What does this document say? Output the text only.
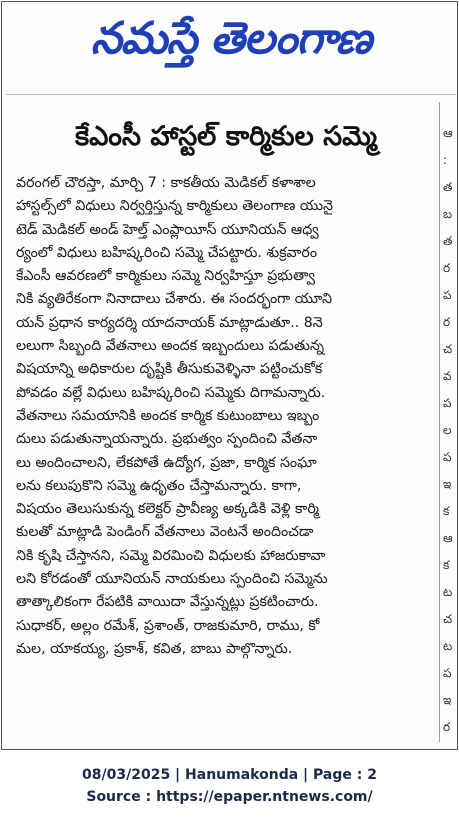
నమస్తే తెలంగాణ
కేఎంసీ హాస్టల్ కార్మికుల సమ్మె
వరంగల్ చౌరస్తా, మార్చి 7 : కాకతీయ మెడికల్ కళాశాల
హాస్టల్స్‌లో విధులు నిర్వర్తిస్తున్న కార్మికులు తెలంగాణ యునై
టెడ్ మెడికల్ అండ్ హెల్త్ ఎంప్లాయీస్ యూనియన్ ఆధ్వ
ర్యంలో విధులు బహిష్కరించి సమ్మె చేపట్టారు. శుక్రవారం
కేఎంసీ ఆవరణలో కార్మికులు సమ్మె నిర్వహిస్తూ ప్రభుత్వా
నికి వ్యతిరేకంగా నినాదాలు చేశారు. ఈ సందర్భంగా యూని
యన్ ప్రధాన కార్యదర్శి యాదనాయక్ మాట్లాడుతూ.. 8నె
లలుగా సిబ్బంది వేతనాలు అందక ఇబ్బందులు పడుతున్న
విషయాన్ని అధికారుల దృష్టికి తీసుకువెళ్ళినా పట్టించుకోక
పోవడం వల్లే విధులు బహిష్కరించి సమ్మెకు దిగామన్నారు.
వేతనాలు సమయానికి అందక కార్మిక కుటుంబాలు ఇబ్బం
దులు పడుతున్నాయన్నారు. ప్రభుత్వం స్పందించి వేతనా
లు అందించాలని, లేకపోతే ఉద్యోగ, ప్రజా, కార్మిక సంఘా
లను కలుపుకొని సమ్మె ఉధృతం చేస్తామన్నారు. కాగా,
విషయం తెలుసుకున్న కలెక్టర్ ప్రావీణ్య అక్కడికి వెళ్లి కార్మి
కులతో మాట్లాడి పెండింగ్ వేతనాలు వెంటనే అందించడా
నికి కృషి చేస్తానని, సమ్మె విరమించి విధులకు హాజరుకావా
లని కోరడంతో యూనియన్ నాయకులు స్పందించి సమ్మెను
తాత్కాలికంగా రేపటికి వాయిదా వేస్తున్నట్లు ప్రకటించారు.
సుధాకర్, అల్లం రమేశ్, ప్రశాంత్, రాజకుమారి, రాము, కో
మల, యాకయ్య, ప్రకాశ్, కవిత, బాబు పాల్గొన్నారు.
ఆ
:
త
బ
త
ర
ప
ర
చ
వ
ప
ల
ప
ఇ
క
ఆ
క
ట
చ
ట
ప
ఇ
ర
08/03/2025 | Hanumakonda | Page : 2
Source : https://epaper.ntnews.com/
